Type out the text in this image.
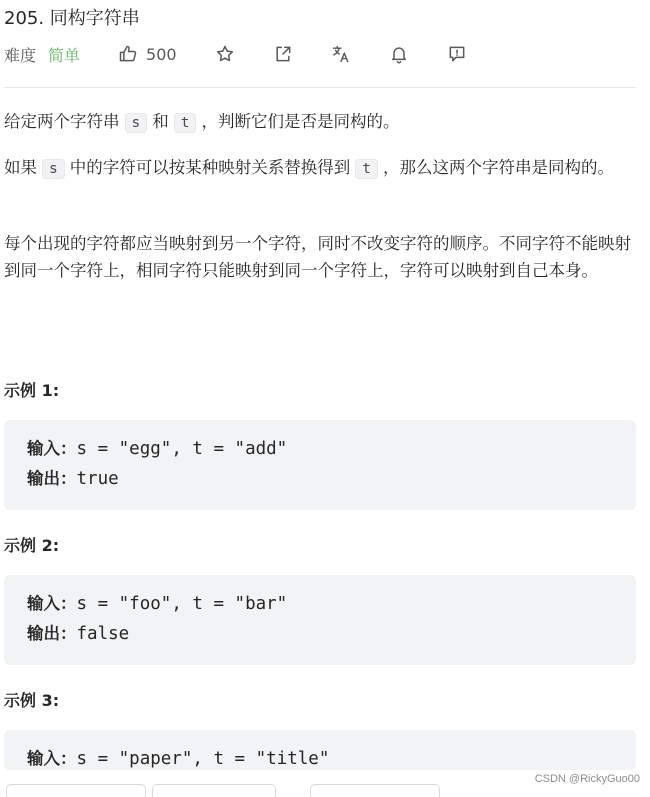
205. 同构字符串
难度 简单	500

给定两个字符串 s 和 t ，判断它们是否是同构的。

如果 s 中的字符可以按某种映射关系替换得到 t ，那么这两个字符串是同构的。

每个出现的字符都应当映射到另一个字符，同时不改变字符的顺序。不同字符不能映射到同一个字符上，相同字符只能映射到同一个字符上，字符可以映射到自己本身。

示例 1:
输入：s = "egg", t = "add"
输出：true
示例 2:
输入：s = "foo", t = "bar"
输出：false
示例 3:
输入：s = "paper", t = "title"
CSDN @RickyGuo00
